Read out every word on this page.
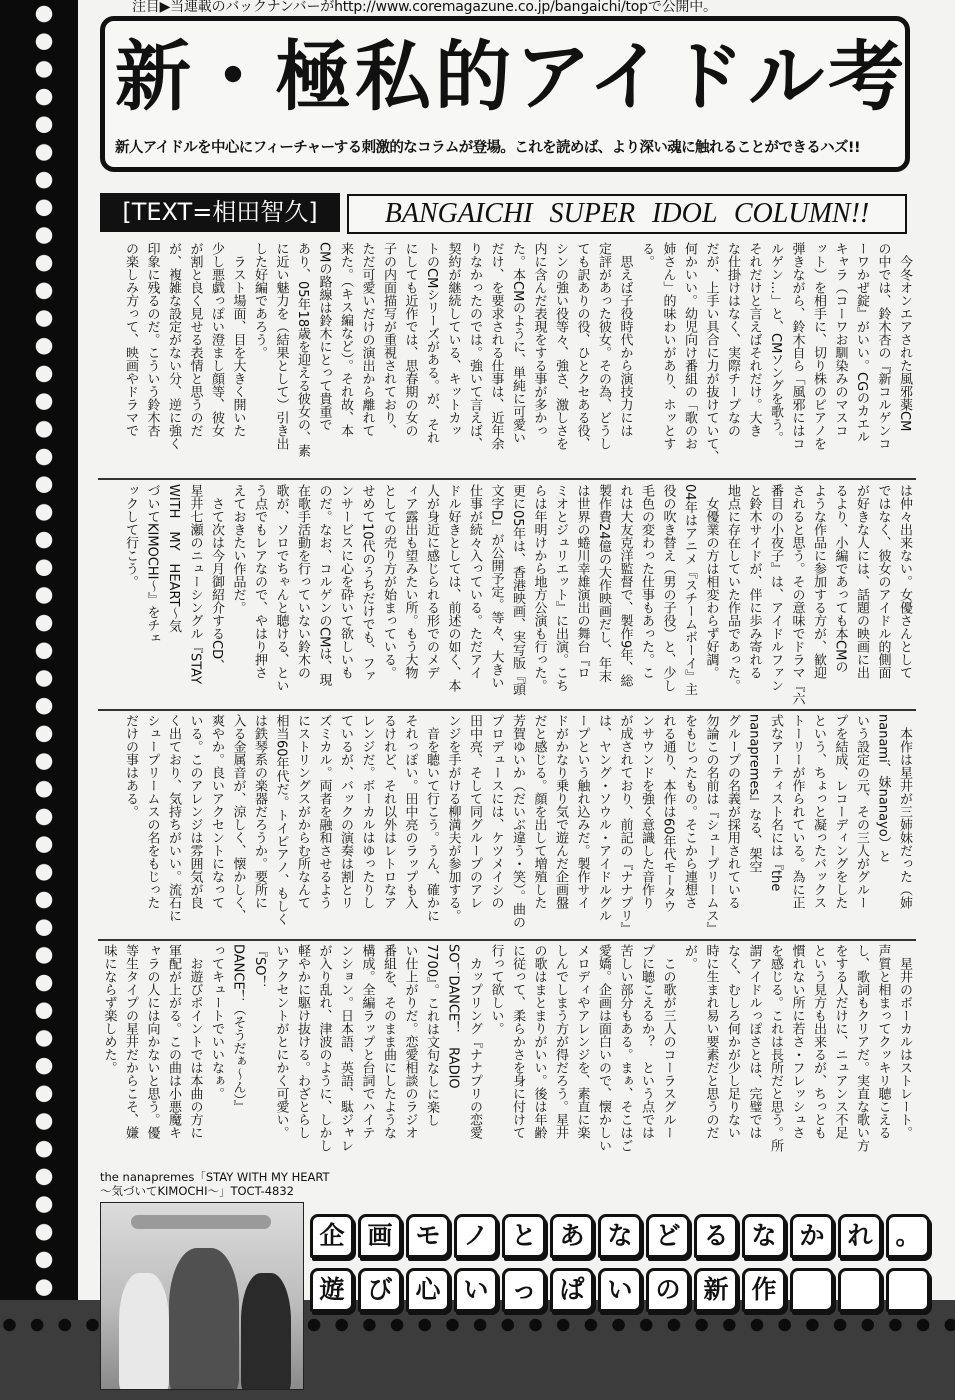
注目▶当連載のバックナンバーがhttp://www.coremagazune.co.jp/bangaichi/topで公開中。
新・極私的アイドル考
新人アイドルを中心にフィーチャーする刺激的なコラムが登場。これを読めば、より深い魂に触れることができるハズ!!
[TEXT=相田智久]	BANGAICHI SUPER IDOL COLUMN!!
　今冬オンエアされた風邪薬CM
の中では、鈴木杏の『新コルゲンコ
ーワかぜ錠』がいい。CGのカエル
キャラ（コーワお馴染みのマスコ
ット）を相手に、切り株のピアノを
弾きながら、鈴木自ら「風邪にはコ
ルゲン…」と、CMソングを歌う。
それだけと言えばそれだけ。大き
な仕掛けはなく、実際チープなの
だが、上手い具合に力が抜けていて、
何かいい。幼児向け番組の「歌のお
姉さん」的味わいがあり、ホッとす
る。
　思えば子役時代から演技力には
定評があった彼女。その為、どうし
ても訳ありの役、ひとクセある役、
シンの強い役等々、強さ、激しさを
内に含んだ表現をする事が多かっ
た。本CMのように、単純に可愛い
だけ、を要求される仕事は、近年余
りなかったのでは。強いて言えば、
契約が継続している、キットカッ
トのCMシリーズがある。が、それ
にしても近作では、思春期の女の
子の内面描写が重視されており、
ただ可愛いだけの演出から離れて
来た。（キス編など）。それ故、本
CMの路線は鈴木にとって貴重で
あり、05年18歳を迎える彼女の、素
に近い魅力を（結果として）引き出
した好編であろう。
　ラスト場面、目を大きく開いた
少し悪戯っぽい澄まし顔等、彼女
が割と良く見せる表情と思うのだ
が、複雑な設定がない分、逆に強く
印象に残るのだ。こういう鈴木杏
の楽しみ方って、映画やドラマで
は仲々出来ない。女優さんとして
ではなく、彼女のアイドル的側面
が好きな人には、話題の映画に出
るより、小編であっても本CMの
ような作品に参加する方が、歓迎
されると思う。その意味でドラマ『六
番目の小夜子』は、アイドルファン
と鈴木サイドが、伴に歩み寄れる
地点に存在していた作品であった。
　女優業の方は相変わらず好調。
04年はアニメ『スチームボーイ』主
役の吹き替え（男の子役）と、少し
毛色の変わった仕事もあった。こ
れは大友克洋監督で、製作9年、総
製作費24億の大作映画だし、年末
は世界の蜷川幸雄演出の舞台『ロ
ミオとジュリエット』に出演。こち
らは年明けから地方公演も行った。
更に05年は、香港映画、実写版『頭
文字D』が公開予定。等々、大きい
仕事が続々入っている。ただアイ
ドル好きとしては、前述の如く、本
人が身近に感じられる形でのメデ
ィア露出も望みたい所。もう大物
としての売り方が始まっている。
せめて10代のうちだけでも、ファ
ンサービスに心を砕いて欲しいも
のだ。なお、コルゲンのCMは、現
在歌手活動を行っていない鈴木の
歌が、ソロでちゃんと聴ける、とい
う点でもレアなので、やはり押さ
えておきたい作品だ。
　さて次は今月御紹介するCD、
星井七瀬のニューシングル『STAY
WITH　MY　HEART～気
づいてKIMOCHI～』をチェ
ックして行こう。
　本作は星井が三姉妹だった（姉
nanami、妹nanayo）と
いう設定の元、その三人がグルー
プを結成、レコーディングをした
という、ちょっと凝ったバックス
トーリーが作られている。為に正
式なアーティスト名には『the
nanapremes』なる、架空
グループの名義が採用されている
勿論この名前は『シュープリームス』
をもじったもの。そこから連想さ
れる通り、本作は60年代モータウ
ンサウンドを強く意識した音作り
が成されており、前記の『ナナプリ』
は、ヤング・ソウル・アイドルグル
ープという触れ込みだ。製作サイ
ドがかなり乗り気で遊んだ企画盤
だと感じる。顔を出して増殖した
芳賀ゆいか（だいぶ違う・笑）。曲の
プロデュースには、ケツメイシの
田中亮、そして同グループのアレ
ンジを手がける柳満夫が参加する。
　音を聴いて行こう。うん、確かに
それっぽい。田中亮のラップも入
るけれど、それ以外はレトロなア
レンジだ。ボーカルはゆったりし
ているが、バックの演奏は割とリ
ズミカル。両者を融和させるよう
にストリングスがからむ所なんて
相当60年代だ。トイピアノ、もしく
は鉄琴系の楽器だろうか。要所に
入る金属音が、涼しく、懐かしく、
爽やか。良いアクセントになって
いる。このアレンジは雰囲気が良
く出ており、気持ちがいい。流石に
シュープリームスの名をもじった
だけの事はある。
　星井のボーカルはストレート。
声質と相まってクッキリ聴こえる
し、歌詞もクリアだ。実直な歌い方
をする人だけに、ニュアンス不足
という見方も出来るが、ちっとも
慣れない所に若さ・フレッシュさ
を感じる。これは長所だと思う。所
謂アイドルっぽさとは、完璧では
なく、むしろ何かが少し足りない
時に生まれ易い要素だと思うのだ
が。
　この歌が三人のコーラスグルー
プに聴こえるか？　という点では
苦しい部分もある。まぁ、そこはご
愛嬌。企画は面白いので、懐かしい
メロディやアレンジを、素直に楽
しんでしまう方が得だろう。星井
の歌はまとまりがいい。後は年齢
に従って、柔らかさを身に付けて
行って欲しい。
　カップリング『ナナプリの恋愛
SO！DANCE！　RADIO
7700』。これは文句なしに楽し
い仕上がりだ。恋愛相談のラジオ
番組を、そのまま曲にしたような
構成。全編ラップと台詞でハイテ
ンション。日本語、英語、駄ジャレ
が入り乱れ、津波のように、しかし
軽やかに駆け抜ける。わざとらし
いアクセントがとにかく可愛い。『SO！
DANCE！（そうだぁ～ん）』
ってキュートでいいなぁ。
　お遊びポイントでは本曲の方に
軍配が上がる。この曲は小悪魔キ
ャラの人には向かないと思う。優
等生タイプの星井だからこそ、嫌
味にならず楽しめた。
the nanapremes「STAY WITH MY HEART
～気づいてKIMOCHI～」TOCT-4832
企 画 モ ノ と あ な ど る な か れ 。
遊 び 心 い っ ぱ い の 新 作
